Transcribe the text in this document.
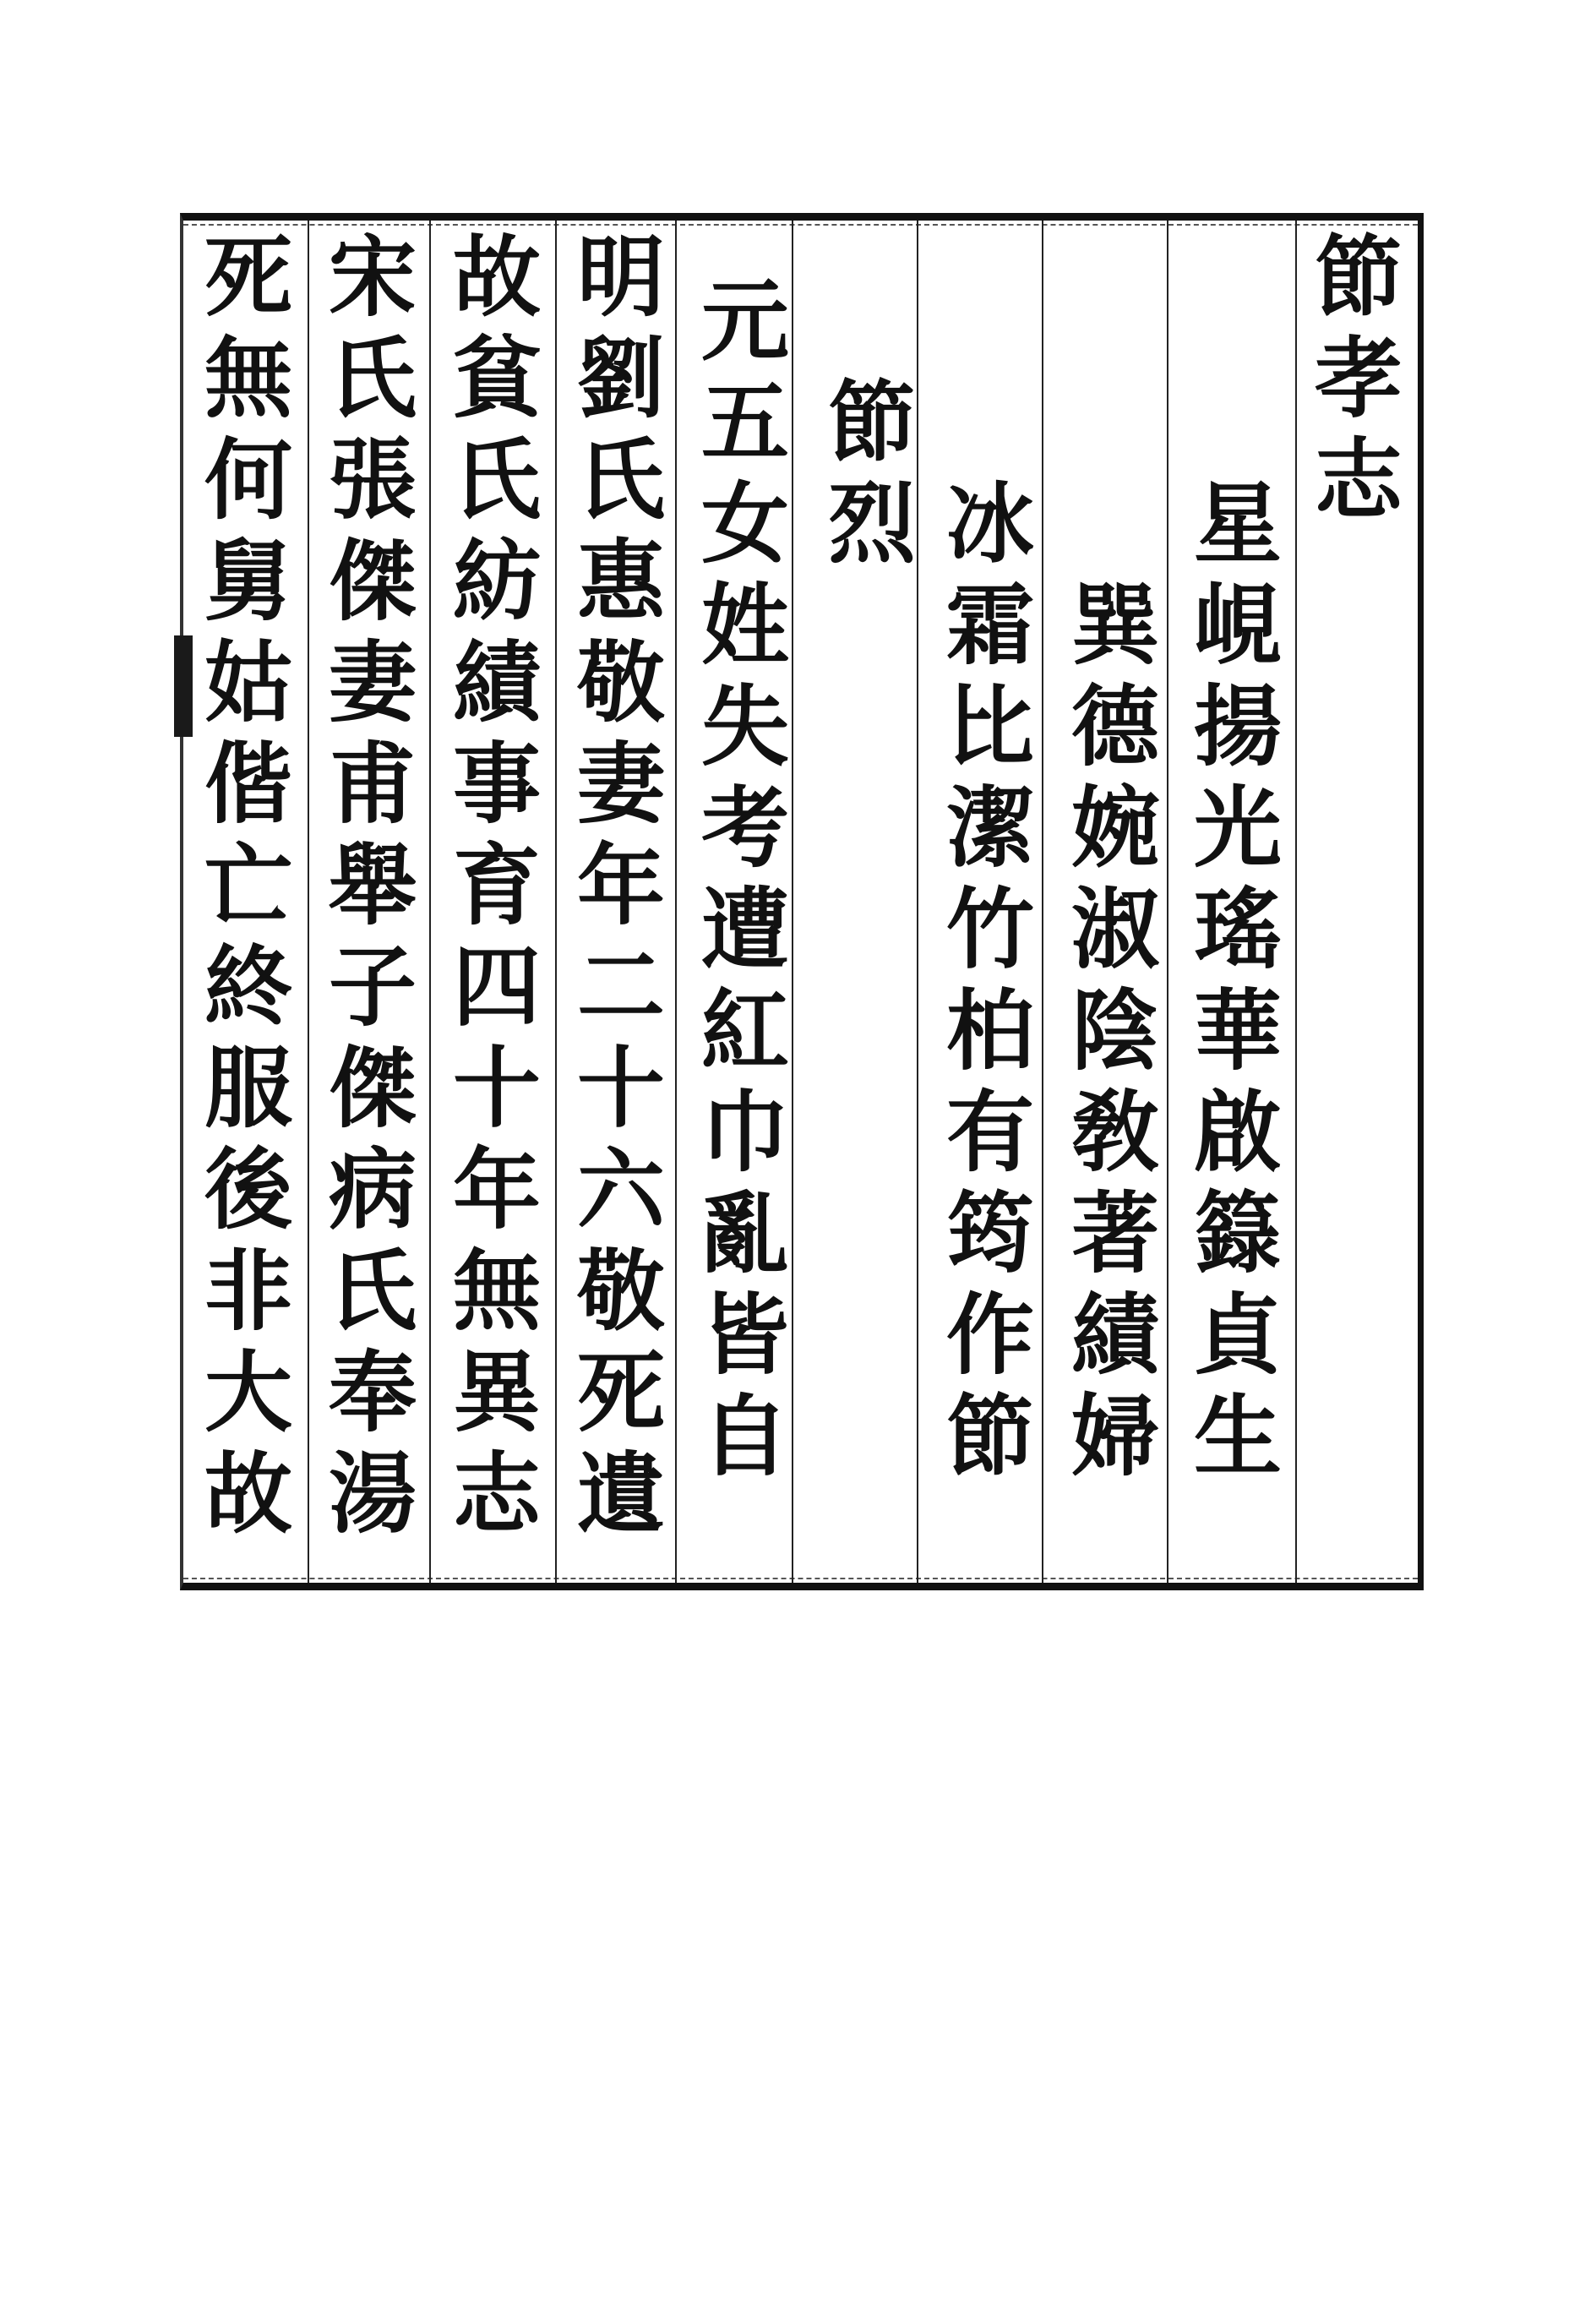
節
孝
志
星
峴
揚
光
瑤
華
啟
籙
貞
生
巽
德
婉
淑
陰
敎
著
績
婦
冰
霜
比
潔
竹
柏
有
筠
作
節
節
烈
元
五
女
姓
失
考
遭
紅
巾
亂
皆
自
明
劉
氏
惠
敬
妻
年
二
十
六
敬
死
遺
故
貧
氏
紡
績
事
育
四
十
年
無
異
志
宋
氏
張
傑
妻
甫
舉
子
傑
病
氏
奉
湯
死
無
何
舅
姑
偕
亡
終
服
後
非
大
故
